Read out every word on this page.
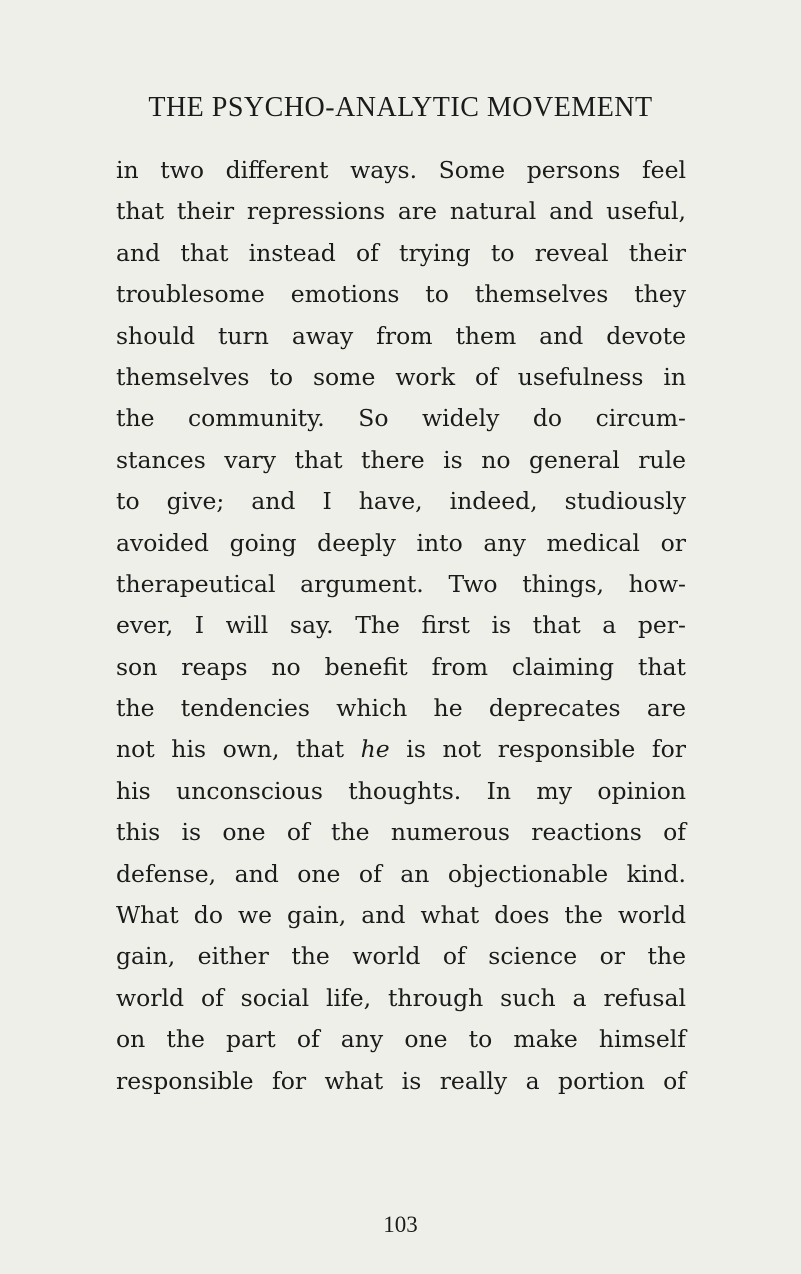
THE PSYCHO-ANALYTIC MOVEMENT
in two different ways. Some persons feel
that their repressions are natural and useful,
and that instead of trying to reveal their
troublesome emotions to themselves they
should turn away from them and devote
themselves to some work of usefulness in
the community. So widely do circum-
stances vary that there is no general rule
to give; and I have, indeed, studiously
avoided going deeply into any medical or
therapeutical argument. Two things, how-
ever, I will say. The first is that a per-
son reaps no benefit from claiming that
the tendencies which he deprecates are
not his own, that he is not responsible for
his unconscious thoughts. In my opinion
this is one of the numerous reactions of
defense, and one of an objectionable kind.
What do we gain, and what does the world
gain, either the world of science or the
world of social life, through such a refusal
on the part of any one to make himself
responsible for what is really a portion of
103
